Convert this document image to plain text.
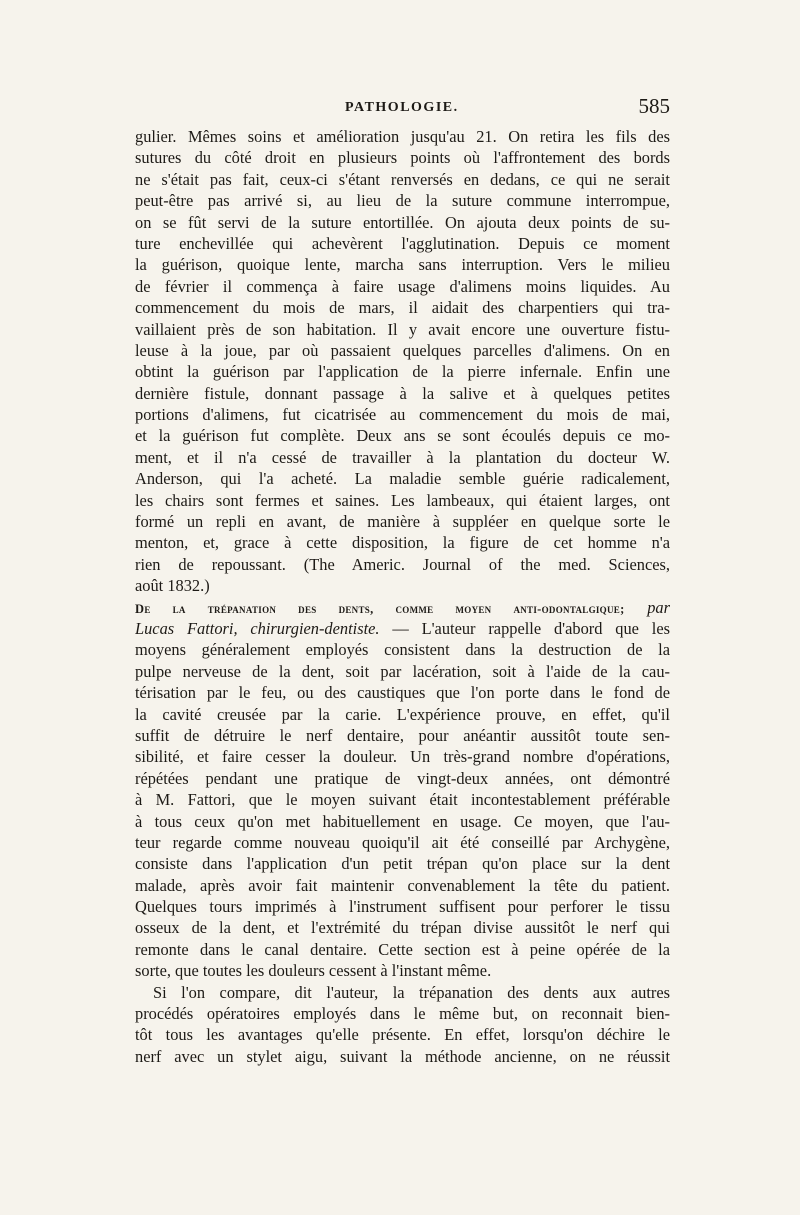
PATHOLOGIE.	585
gulier. Mêmes soins et amélioration jusqu'au 21. On retira les fils des
sutures du côté droit en plusieurs points où l'affrontement des bords
ne s'était pas fait, ceux-ci s'étant renversés en dedans, ce qui ne serait
peut-être pas arrivé si, au lieu de la suture commune interrompue,
on se fût servi de la suture entortillée. On ajouta deux points de su-
ture enchevillée qui achevèrent l'agglutination. Depuis ce moment
la guérison, quoique lente, marcha sans interruption. Vers le milieu
de février il commença à faire usage d'alimens moins liquides. Au
commencement du mois de mars, il aidait des charpentiers qui tra-
vaillaient près de son habitation. Il y avait encore une ouverture fistu-
leuse à la joue, par où passaient quelques parcelles d'alimens. On en
obtint la guérison par l'application de la pierre infernale. Enfin une
dernière fistule, donnant passage à la salive et à quelques petites
portions d'alimens, fut cicatrisée au commencement du mois de mai,
et la guérison fut complète. Deux ans se sont écoulés depuis ce mo-
ment, et il n'a cessé de travailler à la plantation du docteur W.
Anderson, qui l'a acheté. La maladie semble guérie radicalement,
les chairs sont fermes et saines. Les lambeaux, qui étaient larges, ont
formé un repli en avant, de manière à suppléer en quelque sorte le
menton, et, grace à cette disposition, la figure de cet homme n'a
rien de repoussant. (The Americ. Journal of the med. Sciences,
août 1832.)
De la trépanation des dents, comme moyen anti-odontalgique; par
Lucas Fattori, chirurgien-dentiste. — L'auteur rappelle d'abord que les
moyens généralement employés consistent dans la destruction de la
pulpe nerveuse de la dent, soit par lacération, soit à l'aide de la cau-
térisation par le feu, ou des caustiques que l'on porte dans le fond de
la cavité creusée par la carie. L'expérience prouve, en effet, qu'il
suffit de détruire le nerf dentaire, pour anéantir aussitôt toute sen-
sibilité, et faire cesser la douleur. Un très-grand nombre d'opérations,
répétées pendant une pratique de vingt-deux années, ont démontré
à M. Fattori, que le moyen suivant était incontestablement préférable
à tous ceux qu'on met habituellement en usage. Ce moyen, que l'au-
teur regarde comme nouveau quoiqu'il ait été conseillé par Archygène,
consiste dans l'application d'un petit trépan qu'on place sur la dent
malade, après avoir fait maintenir convenablement la tête du patient.
Quelques tours imprimés à l'instrument suffisent pour perforer le tissu
osseux de la dent, et l'extrémité du trépan divise aussitôt le nerf qui
remonte dans le canal dentaire. Cette section est à peine opérée de la
sorte, que toutes les douleurs cessent à l'instant même.
Si l'on compare, dit l'auteur, la trépanation des dents aux autres
procédés opératoires employés dans le même but, on reconnait bien-
tôt tous les avantages qu'elle présente. En effet, lorsqu'on déchire le
nerf avec un stylet aigu, suivant la méthode ancienne, on ne réussit
